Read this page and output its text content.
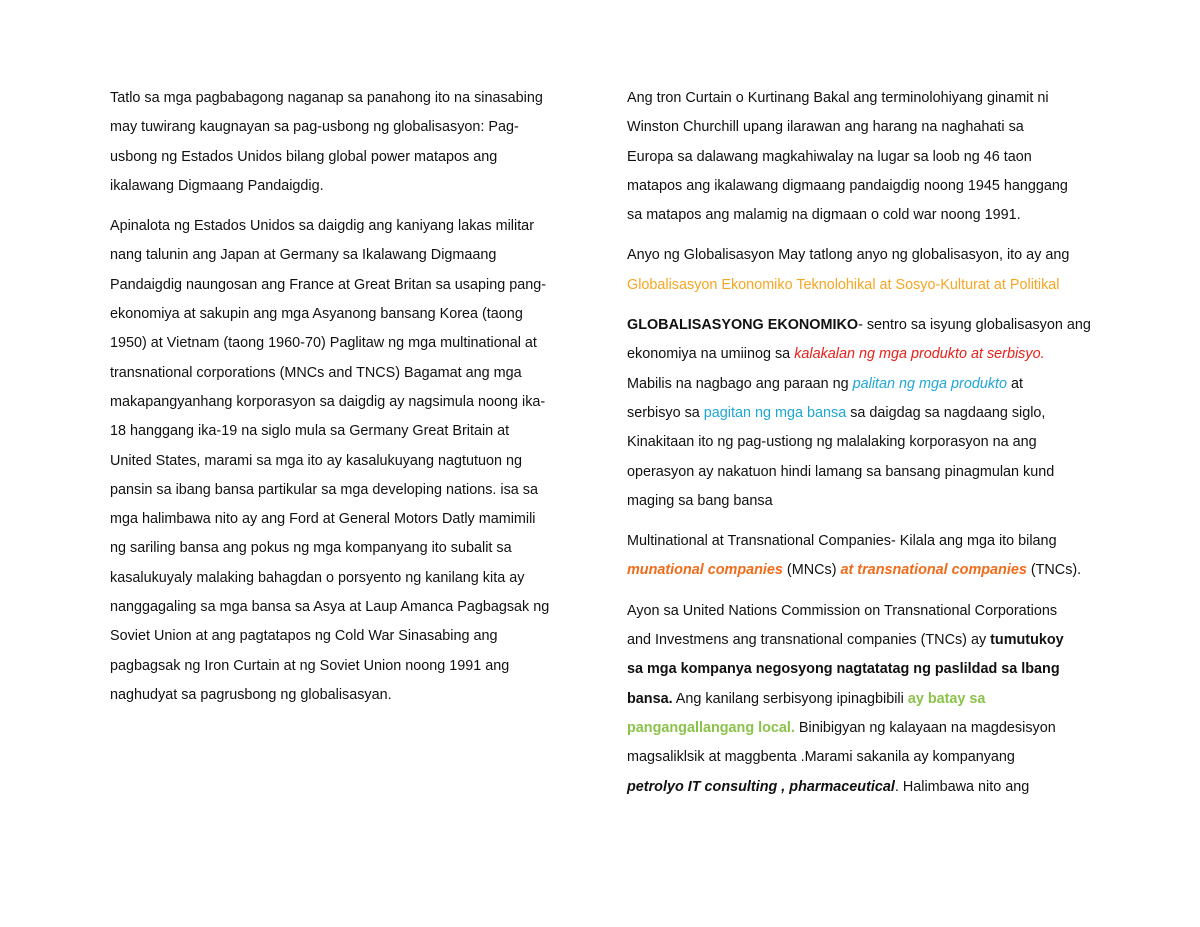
Tatlo sa mga pagbabagong naganap sa panahong ito na sinasabing
may tuwirang kaugnayan sa pag-usbong ng globalisasyon: Pag-
usbong ng Estados Unidos bilang global power matapos ang
ikalawang Digmaang Pandaigdig.

Apinalota ng Estados Unidos sa daigdig ang kaniyang lakas militar
nang talunin ang Japan at Germany sa Ikalawang Digmaang
Pandaigdig naungosan ang France at Great Britan sa usaping pang-
ekonomiya at sakupin ang mga Asyanong bansang Korea (taong
1950) at Vietnam (taong 1960-70) Paglitaw ng mga multinational at
transnational corporations (MNCs and TNCS) Bagamat ang mga
makapangyanhang korporasyon sa daigdig ay nagsimula noong ika-
18 hanggang ika-19 na siglo mula sa Germany Great Britain at
United States, marami sa mga ito ay kasalukuyang nagtutuon ng
pansin sa ibang bansa partikular sa mga developing nations. isa sa
mga halimbawa nito ay ang Ford at General Motors Datly mamimili
ng sariling bansa ang pokus ng mga kompanyang ito subalit sa
kasalukuyaly malaking bahagdan o porsyento ng kanilang kita ay
nanggagaling sa mga bansa sa Asya at Laup Amanca Pagbagsak ng
Soviet Union at ang pagtatapos ng Cold War Sinasabing ang
pagbagsak ng Iron Curtain at ng Soviet Union noong 1991 ang
naghudyat sa pagrusbong ng globalisasyan.

Ang tron Curtain o Kurtinang Bakal ang terminolohiyang ginamit ni
Winston Churchill upang ilarawan ang harang na naghahati sa
Europa sa dalawang magkahiwalay na lugar sa loob ng 46 taon
matapos ang ikalawang digmaang pandaigdig noong 1945 hanggang
sa matapos ang malamig na digmaan o cold war noong 1991.

Anyo ng Globalisasyon May tatlong anyo ng globalisasyon, ito ay ang
Globalisasyon Ekonomiko Teknolohikal at Sosyo-Kulturat at Politikal

GLOBALISASYONG EKONOMIKO- sentro sa isyung globalisasyon ang
ekonomiya na umiinog sa kalakalan ng mga produkto at serbisyo.
Mabilis na nagbago ang paraan ng palitan ng mga produkto at
serbisyo sa pagitan ng mga bansa sa daigdag sa nagdaang siglo,
Kinakitaan ito ng pag-ustiong ng malalaking korporasyon na ang
operasyon ay nakatuon hindi lamang sa bansang pinagmulan kund
maging sa bang bansa

Multinational at Transnational Companies- Kilala ang mga ito bilang
munational companies (MNCs) at transnational companies (TNCs).

Ayon sa United Nations Commission on Transnational Corporations
and Investmens ang transnational companies (TNCs) ay tumutukoy
sa mga kompanya negosyong nagtatatag ng paslildad sa lbang
bansa. Ang kanilang serbisyong ipinagbibili ay batay sa
pangangallangang local. Binibigyan ng kalayaan na magdesisyon
magsaliklsik at maggbenta .Marami sakanila ay kompanyang
petrolyo IT consulting , pharmaceutical. Halimbawa nito ang
